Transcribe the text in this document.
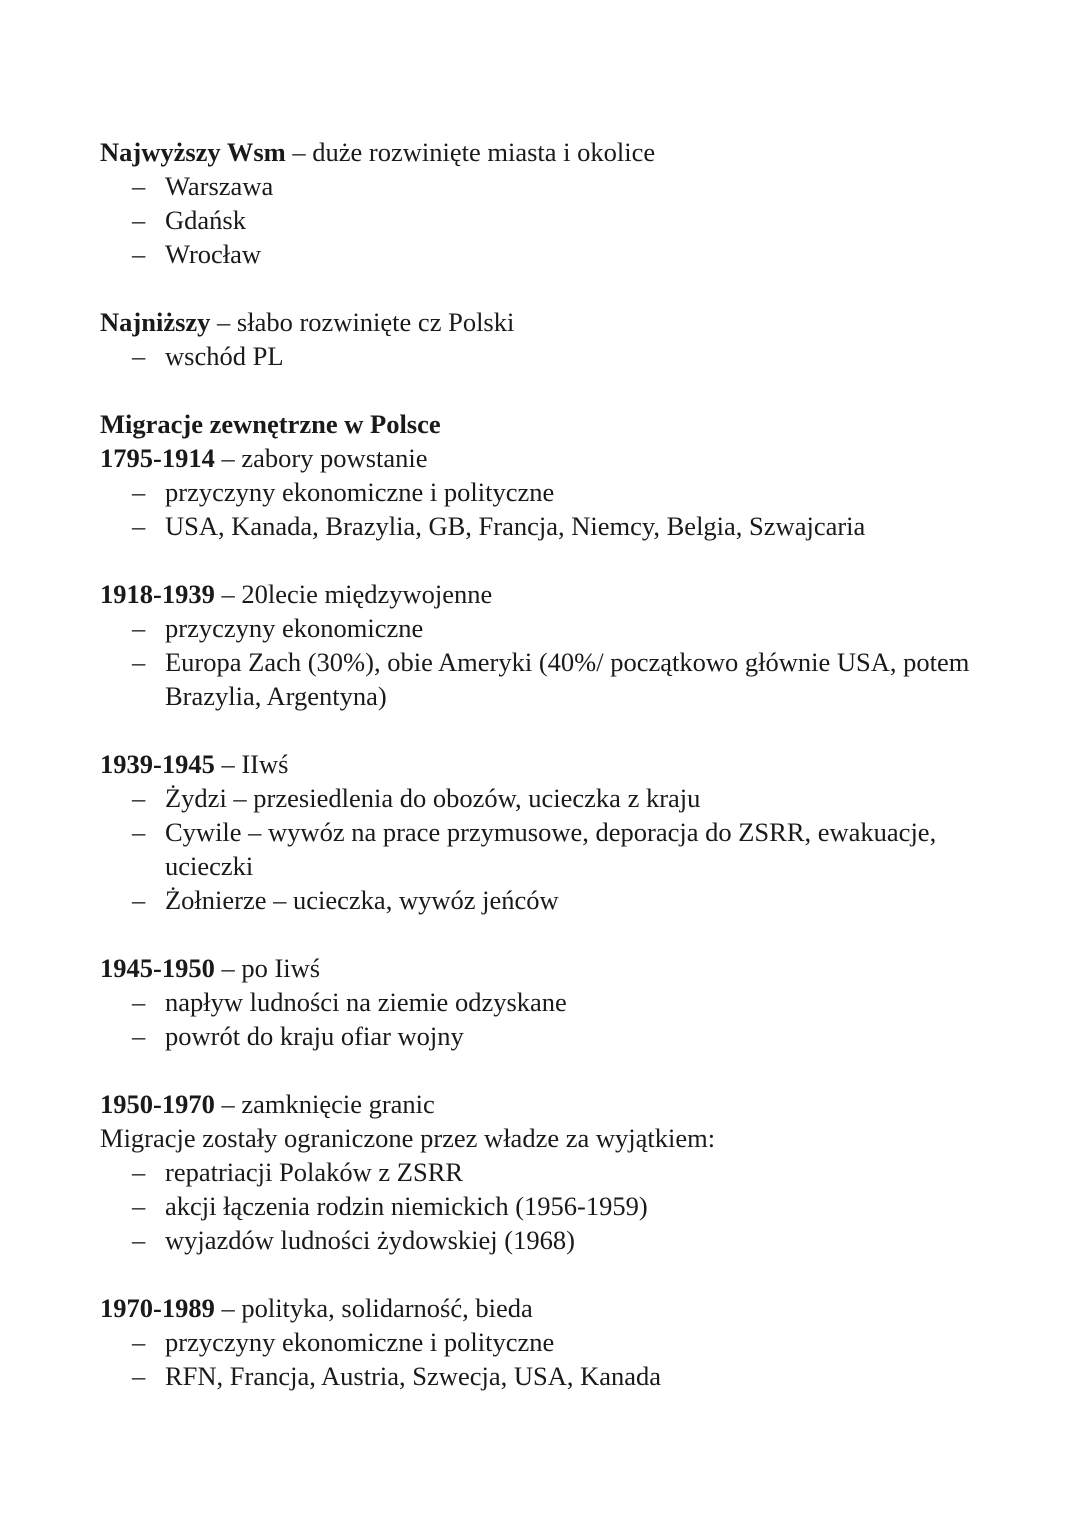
Najwyższy Wsm – duże rozwinięte miasta i okolice

– Warszawa
– Gdańsk
– Wrocław

Najniższy – słabo rozwinięte cz Polski

– wschód PL

Migracje zewnętrzne w Polsce

1795-1914 – zabory powstanie

– przyczyny ekonomiczne i polityczne
– USA, Kanada, Brazylia, GB, Francja, Niemcy, Belgia, Szwajcaria

1918-1939 – 20lecie międzywojenne

– przyczyny ekonomiczne
– Europa Zach (30%), obie Ameryki (40%/ początkowo głównie USA, potem Brazylia, Argentyna)

1939-1945 – IIwś

– Żydzi – przesiedlenia do obozów, ucieczka z kraju
– Cywile – wywóz na prace przymusowe, deporacja do ZSRR, ewakuacje, ucieczki
– Żołnierze – ucieczka, wywóz jeńców

1945-1950 – po Iiwś

– napływ ludności na ziemie odzyskane
– powrót do kraju ofiar wojny

1950-1970 – zamknięcie granic

Migracje zostały ograniczone przez władze za wyjątkiem:

– repatriacji Polaków z ZSRR
– akcji łączenia rodzin niemickich (1956-1959)
– wyjazdów ludności żydowskiej (1968)

1970-1989 – polityka, solidarność, bieda

– przyczyny ekonomiczne i polityczne
– RFN, Francja, Austria, Szwecja, USA, Kanada
